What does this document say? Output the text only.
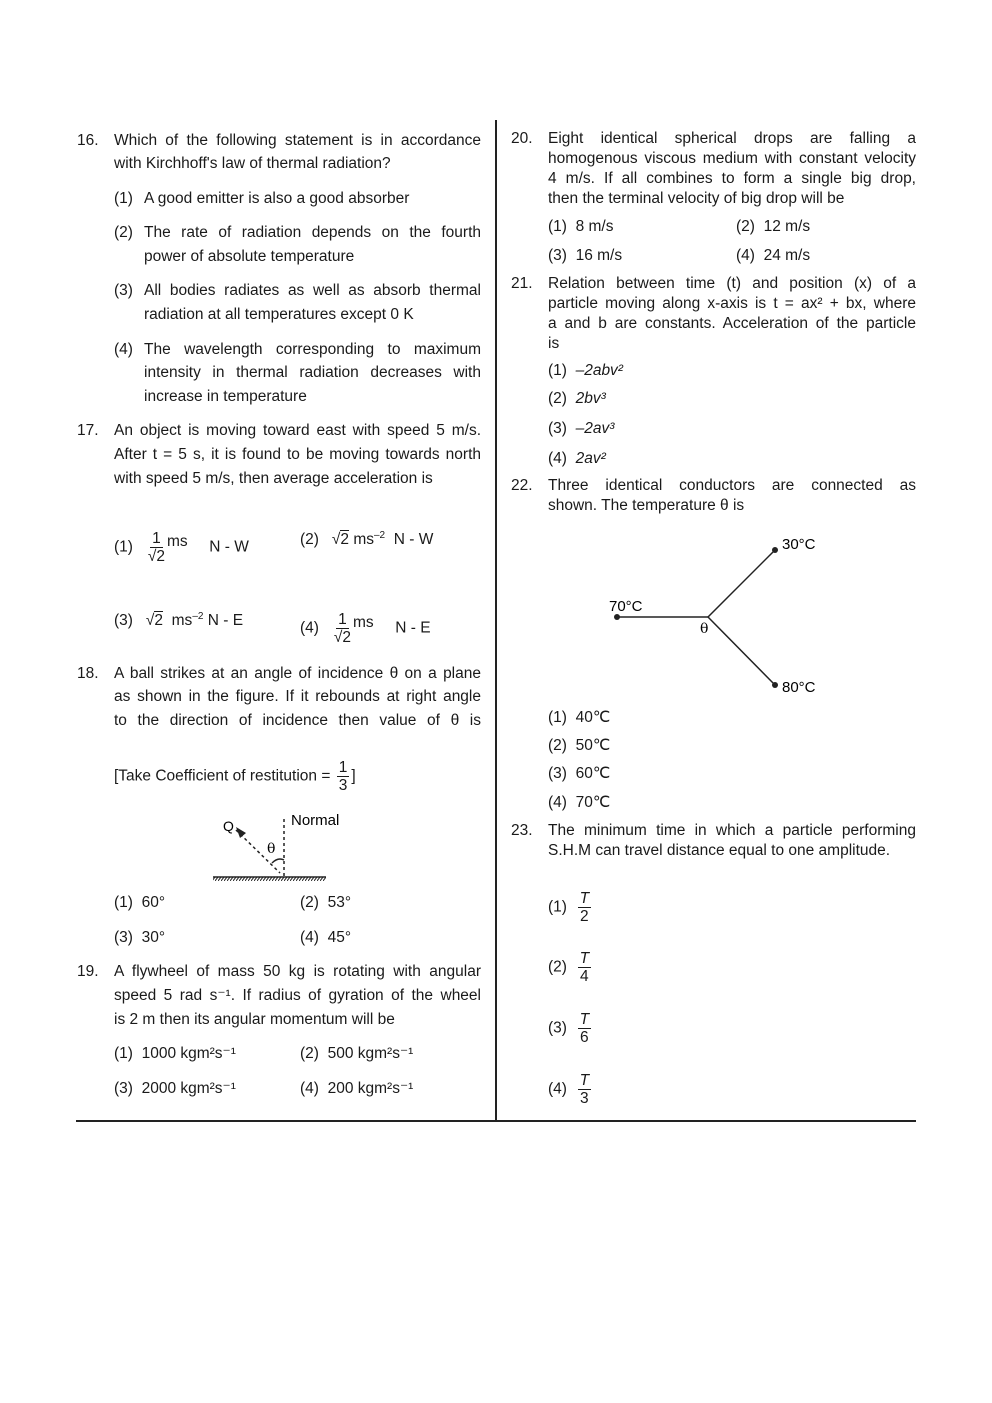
16. Which of the following statement is in accordance
with Kirchhoff's law of thermal radiation?
(1) A good emitter is also a good absorber
(2) The rate of radiation depends on the fourth
power of absolute temperature
(3) All bodies radiates as well as absorb thermal
radiation at all temperatures except 0 K
(4) The wavelength corresponding to maximum
intensity in thermal radiation decreases with
increase in temperature
17. An object is moving toward east with speed 5 m/s.
After t = 5 s, it is found to be moving towards north
with speed 5 m/s, then average acceleration is
$(1) \frac{1}{√2}$ ms N - W	(2)   √2 $ms^{-2}$ N - W
(3)   √2 $ms^{-2}$ N - E	$(4) \frac{1}{√2}$ ms N - E
18. A ball strikes at an angle of incidence θ on a plane
as shown in the figure. If it rebounds at right angle
to the direction of incidence then value of θ is
[Take Coefficient of restitution = $\frac{1}{3}$ ]
Q
θ
Normal
(1) 60°	(2) 53°
(3) 30°	(4) 45°
19. A flywheel of mass 50 kg is rotating with angular
speed 5 rad s⁻¹. If radius of gyration of the wheel
is 2 m then its angular momentum will be
(1) 1000 kgm²s⁻¹	(2) 500 kgm²s⁻¹
(3) 2000 kgm²s⁻¹	(4) 200 kgm²s⁻¹
20. Eight identical spherical drops are falling a
homogenous viscous medium with constant velocity
4 m/s. If all combines to form a single big drop,
then the terminal velocity of big drop will be
(1) 8 m/s	(2) 12 m/s
(3) 16 m/s	(4) 24 m/s
21. Relation between time (t) and position (x) of a
particle moving along x-axis is t = ax² + bx, where
a and b are constants. Acceleration of the particle
is
(1) –2abv²
(2) 2bv³
(3) –2av³
(4) 2av²
22. Three identical conductors are connected as
shown. The temperature θ is
30°C
70°C
80°C
θ
(1) 40℃
(2) 50℃
(3) 60℃
(4) 70℃
23. The minimum time in which a particle performing
S.H.M can travel distance equal to one amplitude.
$(1) \frac{T}{2}$
$(2) \frac{T}{4}$
$(3) \frac{T}{6}$
$(4) \frac{T}{3}$
